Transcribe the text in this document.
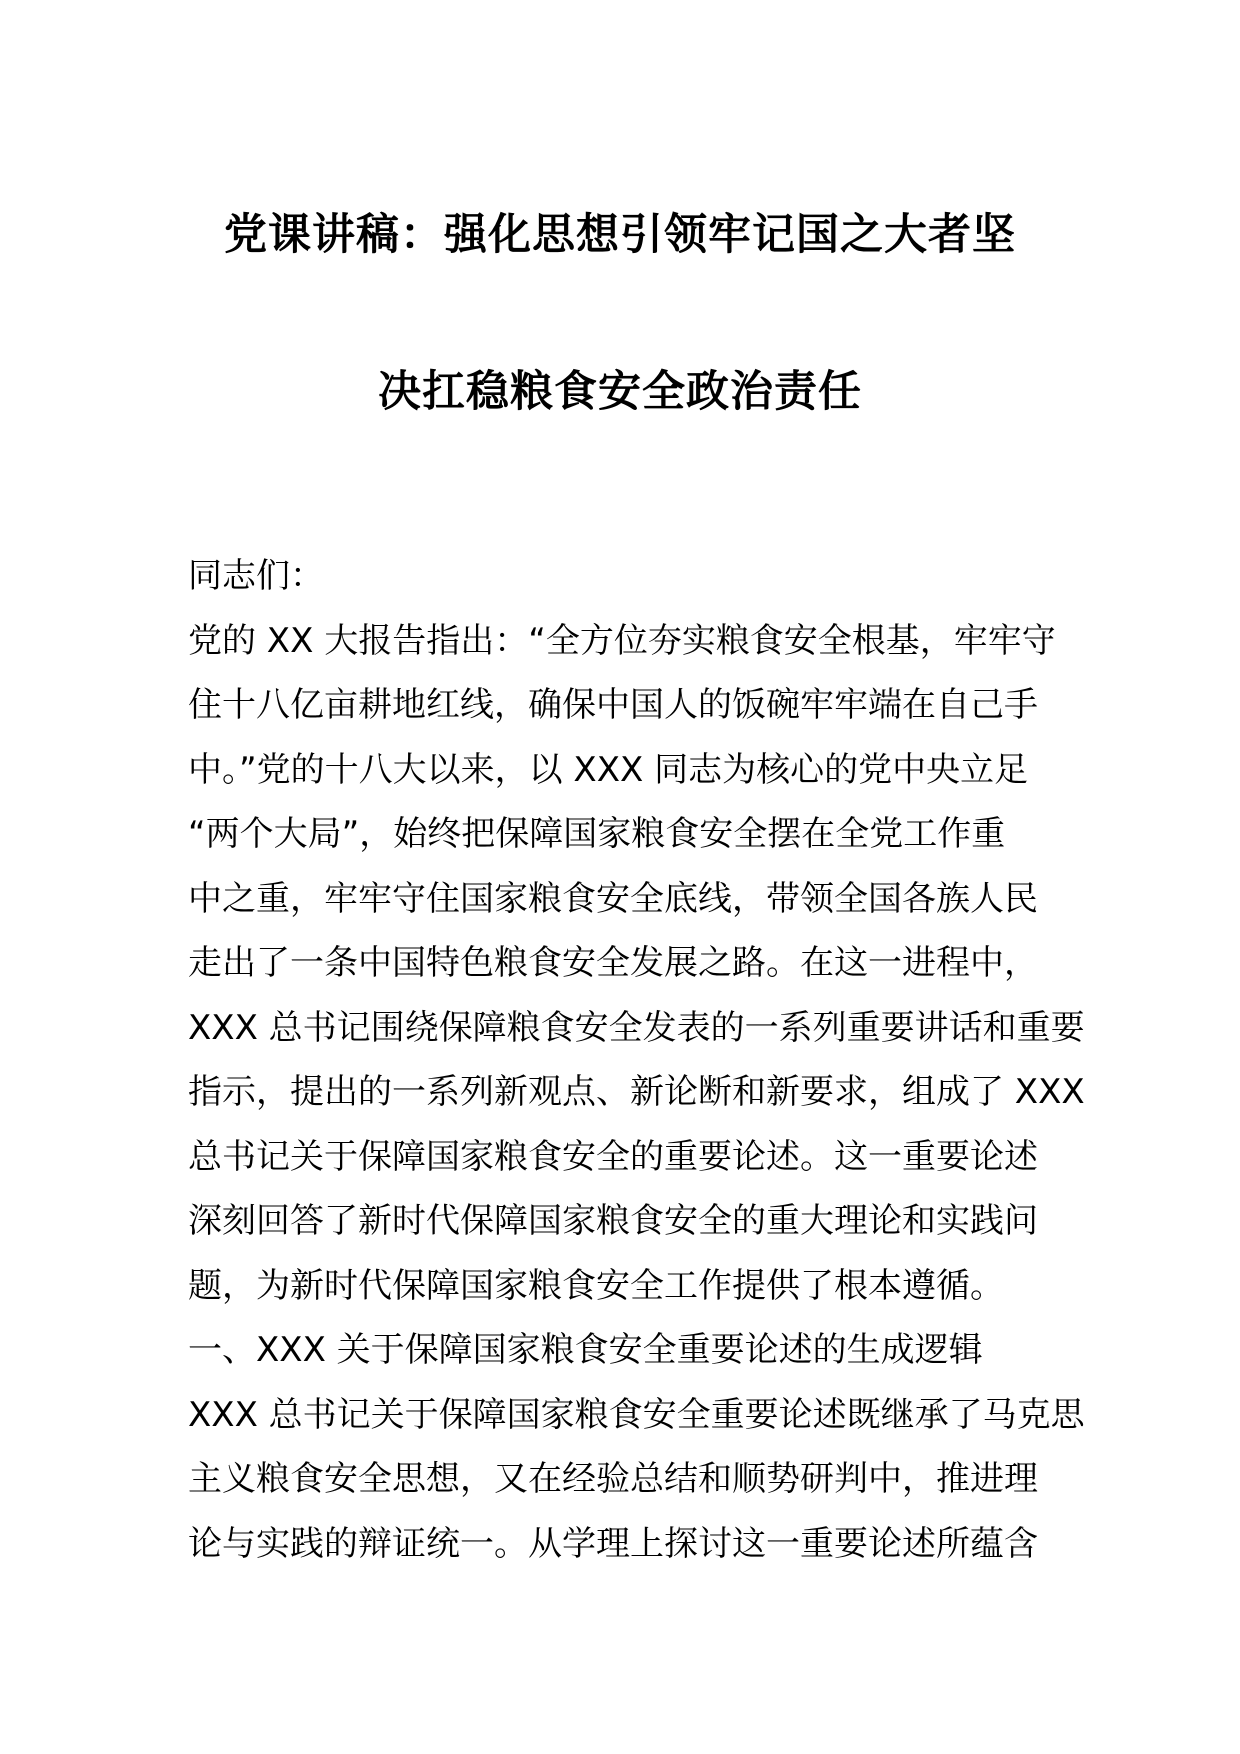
党课讲稿：强化思想引领牢记国之大者坚
决扛稳粮食安全政治责任
同志们：
党的 XX 大报告指出：“全方位夯实粮食安全根基，牢牢守
住十八亿亩耕地红线，确保中国人的饭碗牢牢端在自己手
中。”党的十八大以来，以 XXX 同志为核心的党中央立足
“两个大局”，始终把保障国家粮食安全摆在全党工作重
中之重，牢牢守住国家粮食安全底线，带领全国各族人民
走出了一条中国特色粮食安全发展之路。在这一进程中，
XXX 总书记围绕保障粮食安全发表的一系列重要讲话和重要
指示，提出的一系列新观点、新论断和新要求，组成了 XXX
总书记关于保障国家粮食安全的重要论述。这一重要论述
深刻回答了新时代保障国家粮食安全的重大理论和实践问
题，为新时代保障国家粮食安全工作提供了根本遵循。
一、XXX 关于保障国家粮食安全重要论述的生成逻辑
XXX 总书记关于保障国家粮食安全重要论述既继承了马克思
主义粮食安全思想，又在经验总结和顺势研判中，推进理
论与实践的辩证统一。从学理上探讨这一重要论述所蕴含
